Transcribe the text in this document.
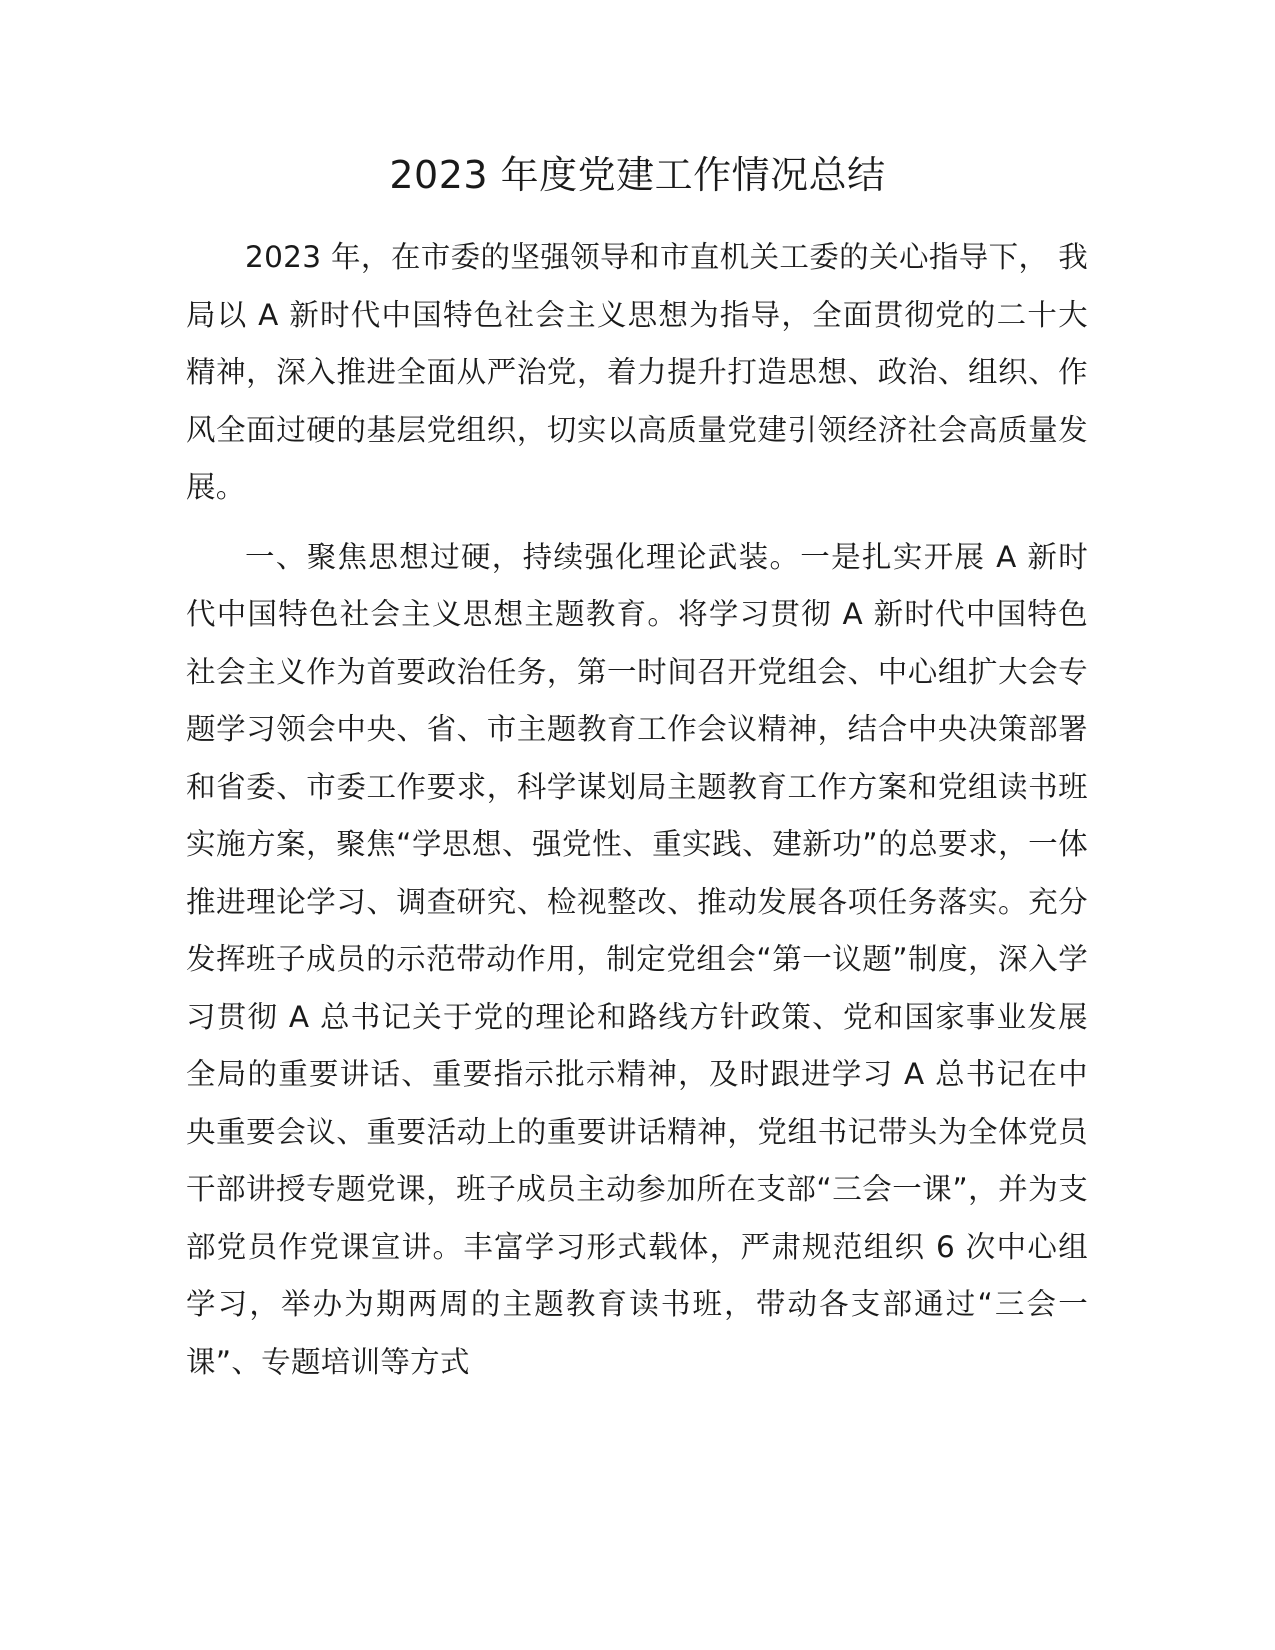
2023 年度党建工作情况总结

2023 年，在市委的坚强领导和市直机关工委的关心指导下， 我局以 A 新时代中国特色社会主义思想为指导，全面贯彻党的二十大精神，深入推进全面从严治党，着力提升打造思想、政治、组织、作风全面过硬的基层党组织，切实以高质量党建引领经济社会高质量发展。

一、聚焦思想过硬，持续强化理论武装。一是扎实开展 A 新时代中国特色社会主义思想主题教育。将学习贯彻 A 新时代中国特色社会主义作为首要政治任务，第一时间召开党组会、中心组扩大会专题学习领会中央、省、市主题教育工作会议精神，结合中央决策部署和省委、市委工作要求，科学谋划局主题教育工作方案和党组读书班实施方案，聚焦“学思想、强党性、重实践、建新功”的总要求，一体推进理论学习、调查研究、检视整改、推动发展各项任务落实。充分发挥班子成员的示范带动作用，制定党组会“第一议题”制度，深入学习贯彻 A 总书记关于党的理论和路线方针政策、党和国家事业发展全局的重要讲话、重要指示批示精神，及时跟进学习 A 总书记在中央重要会议、重要活动上的重要讲话精神，党组书记带头为全体党员干部讲授专题党课，班子成员主动参加所在支部“三会一课”，并为支部党员作党课宣讲。丰富学习形式载体，严肃规范组织 6 次中心组学习，举办为期两周的主题教育读书班，带动各支部通过“三会一课”、专题培训等方式
